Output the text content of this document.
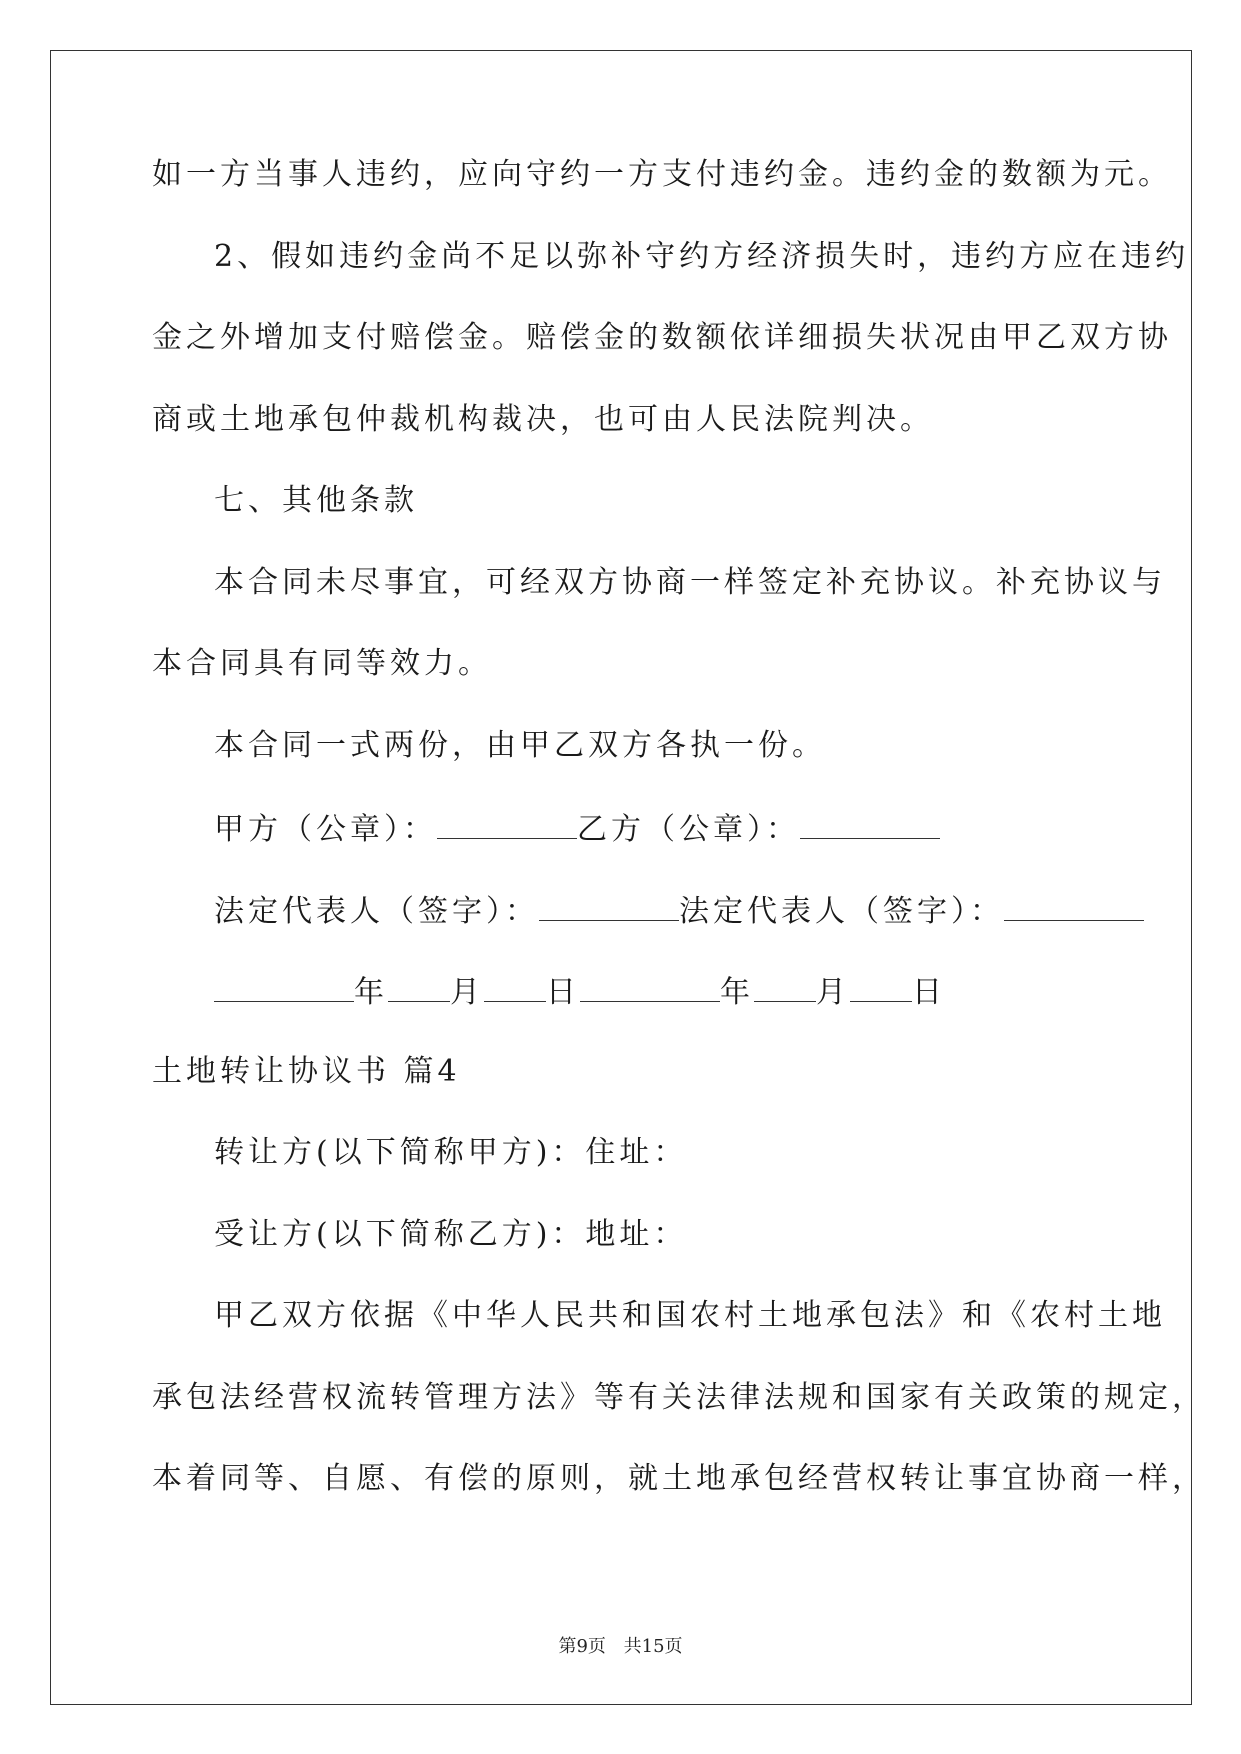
如一方当事人违约，应向守约一方支付违约金。违约金的数额为元。
2、假如违约金尚不足以弥补守约方经济损失时，违约方应在违约
金之外增加支付赔偿金。赔偿金的数额依详细损失状况由甲乙双方协
商或土地承包仲裁机构裁决，也可由人民法院判决。
七、其他条款
本合同未尽事宜，可经双方协商一样签定补充协议。补充协议与
本合同具有同等效力。
本合同一式两份，由甲乙双方各执一份。
甲方（公章）：	乙方（公章）：
法定代表人（签字）：	法定代表人（签字）：
年 月 日	年 月 日
土地转让协议书 篇4
转让方(以下简称甲方)：住址：
受让方(以下简称乙方)：地址：
甲乙双方依据《中华人民共和国农村土地承包法》和《农村土地
承包法经营权流转管理方法》等有关法律法规和国家有关政策的规定，
本着同等、自愿、有偿的原则，就土地承包经营权转让事宜协商一样，
第9页 共15页
